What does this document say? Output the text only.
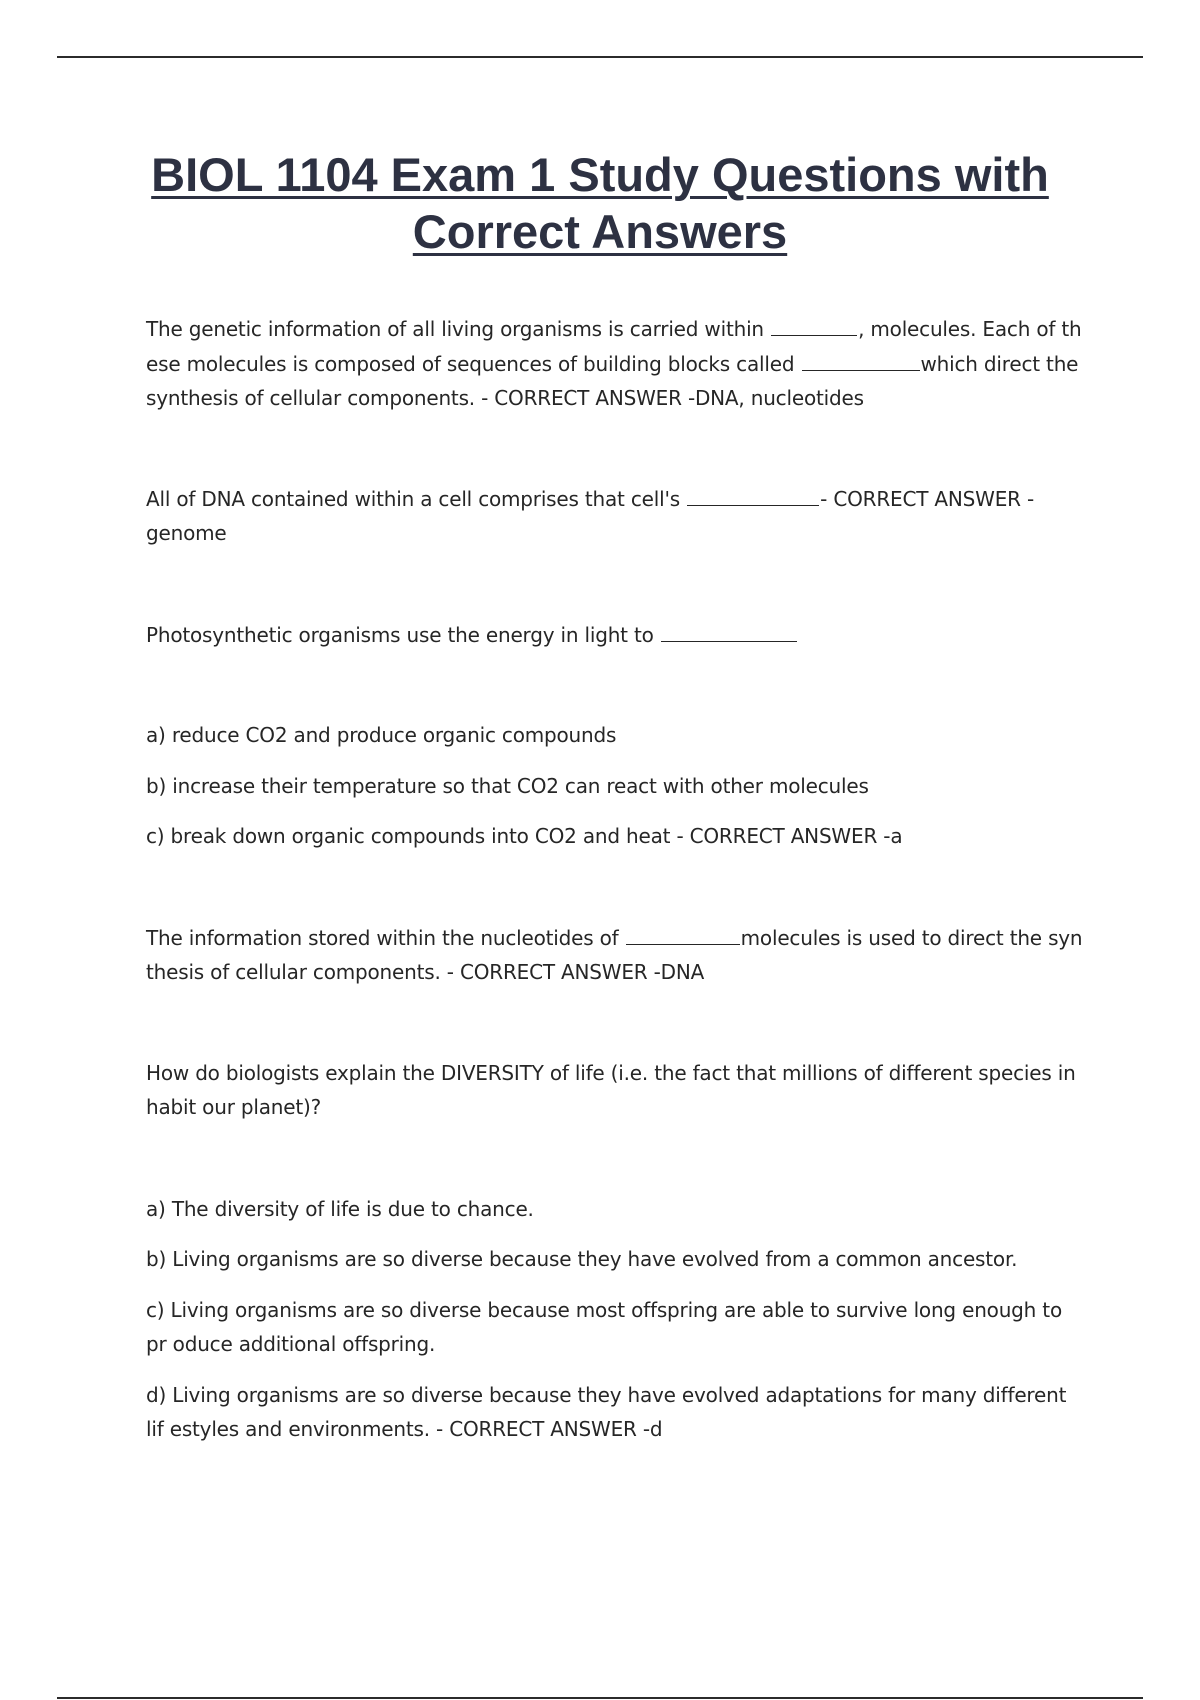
BIOL 1104 Exam 1 Study Questions with Correct Answers

The genetic information of all living organisms is carried within	, molecules. Each of th ese molecules is composed of sequences of building blocks called	which direct the synthesis of cellular components. - CORRECT ANSWER -DNA, nucleotides

All of DNA contained within a cell comprises that cell's	- CORRECT ANSWER - genome

Photosynthetic organisms use the energy in light to

a) reduce CO2 and produce organic compounds

b) increase their temperature so that CO2 can react with other molecules

c) break down organic compounds into CO2 and heat - CORRECT ANSWER -a

The information stored within the nucleotides of	molecules is used to direct the syn thesis of cellular components. - CORRECT ANSWER -DNA

How do biologists explain the DIVERSITY of life (i.e. the fact that millions of different species in habit our planet)?

a) The diversity of life is due to chance.

b) Living organisms are so diverse because they have evolved from a common ancestor.

c) Living organisms are so diverse because most offspring are able to survive long enough to pr oduce additional offspring.

d) Living organisms are so diverse because they have evolved adaptations for many different lif estyles and environments. - CORRECT ANSWER -d
